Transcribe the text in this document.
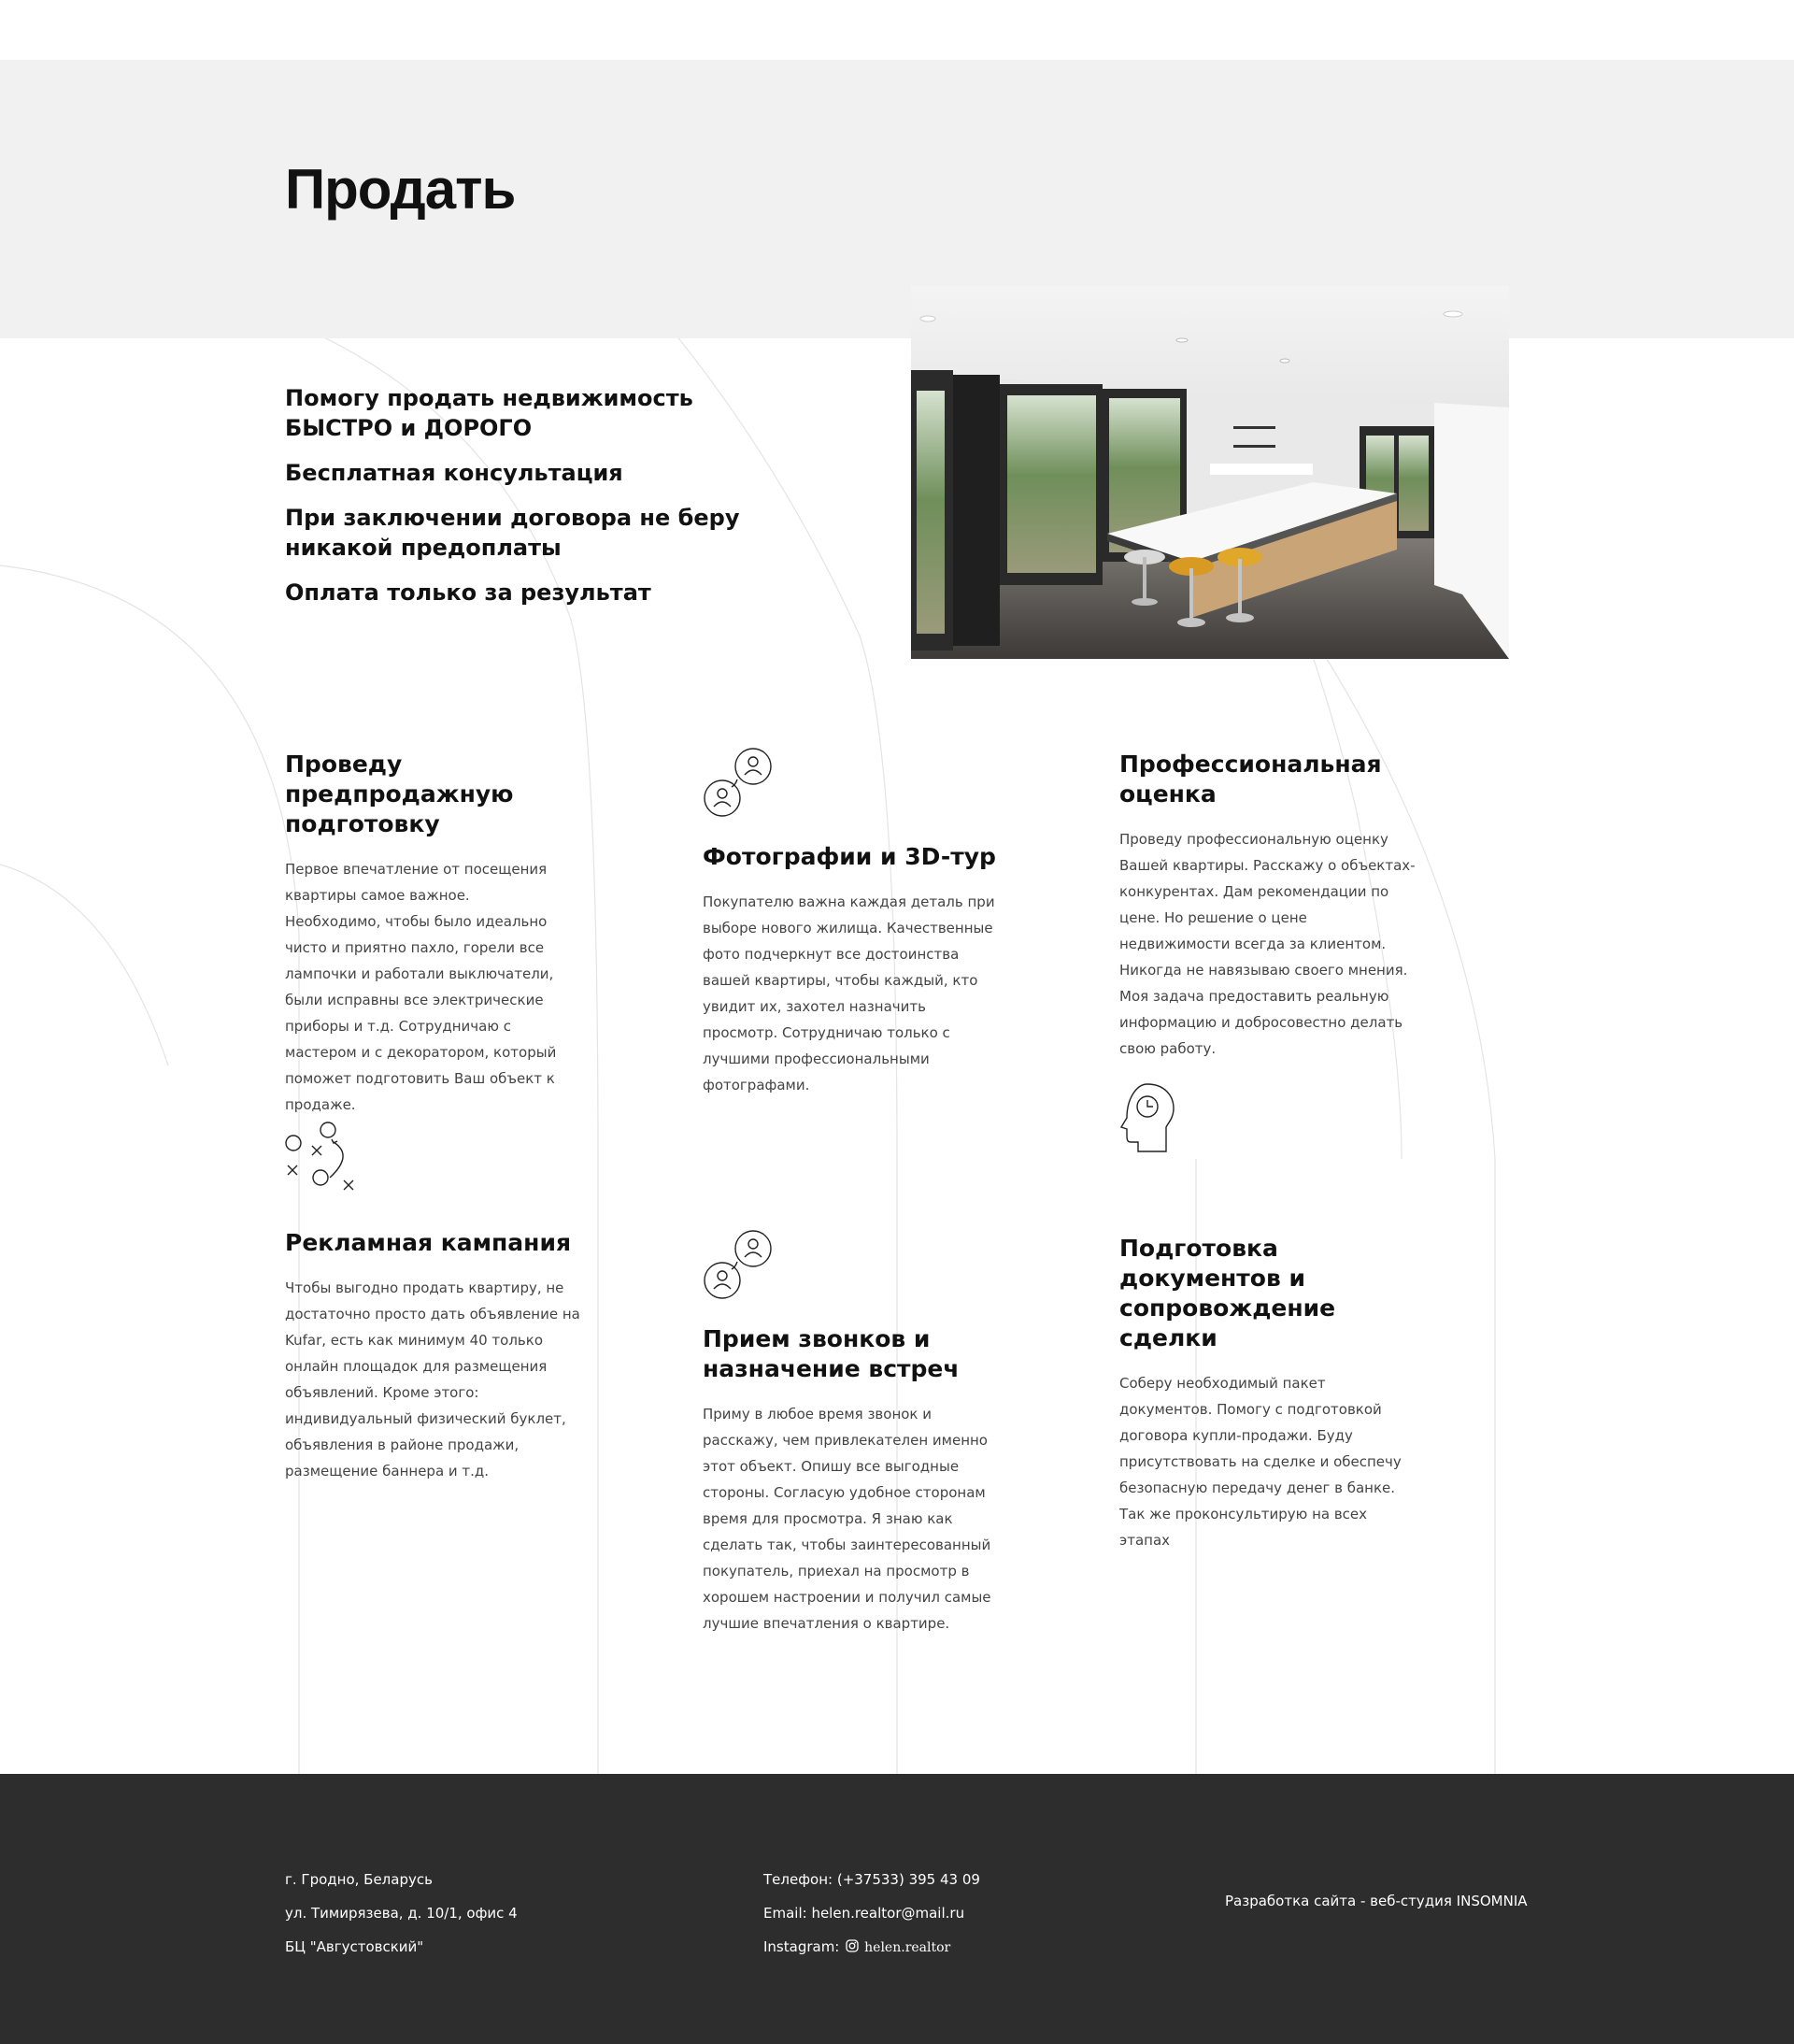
Продать

Помогу продать недвижимость БЫСТРО и ДОРОГО

Бесплатная консультация

При заключении договора не беру никакой предоплаты

Оплата только за результат

Проведу предпродажную подготовку

Первое впечатление от посещения квартиры самое важное. Необходимо, чтобы было идеально чисто и приятно пахло, горели все лампочки и работали выключатели, были исправны все электрические приборы и т.д. Сотрудничаю с мастером и с декоратором, который поможет подготовить Ваш объект к продаже.

Фотографии и 3D-тур

Покупателю важна каждая деталь при выборе нового жилища. Качественные фото подчеркнут все достоинства вашей квартиры, чтобы каждый, кто увидит их, захотел назначить просмотр. Сотрудничаю только с лучшими профессиональными фотографами.

Профессиональная оценка

Проведу профессиональную оценку Вашей квартиры. Расскажу о объектах-конкурентах. Дам рекомендации по цене. Но решение о цене недвижимости всегда за клиентом. Никогда не навязываю своего мнения. Моя задача предоставить реальную информацию и добросовестно делать свою работу.

Рекламная кампания

Чтобы выгодно продать квартиру, не достаточно просто дать объявление на Kufar, есть как минимум 40 только онлайн площадок для размещения объявлений. Кроме этого: индивидуальный физический буклет, объявления в районе продажи, размещение баннера и т.д.

Прием звонков и назначение встреч

Приму в любое время звонок и расскажу, чем привлекателен именно этот объект. Опишу все выгодные стороны. Согласую удобное сторонам время для просмотра. Я знаю как сделать так, чтобы заинтересованный покупатель, приехал на просмотр в хорошем настроении и получил самые лучшие впечатления о квартире.

Подготовка документов и сопровождение сделки

Соберу необходимый пакет документов. Помогу с подготовкой договора купли-продажи. Буду присутствовать на сделке и обеспечу безопасную передачу денег в банке. Так же проконсультирую на всех этапах

г. Гродно, Беларусь
ул. Тимирязева, д. 10/1, офис 4
БЦ "Августовский"
Телефон: (+37533) 395 43 09
Email: helen.realtor@mail.ru
Instagram: helen.realtor
Разработка сайта - веб-студия INSOMNIA
